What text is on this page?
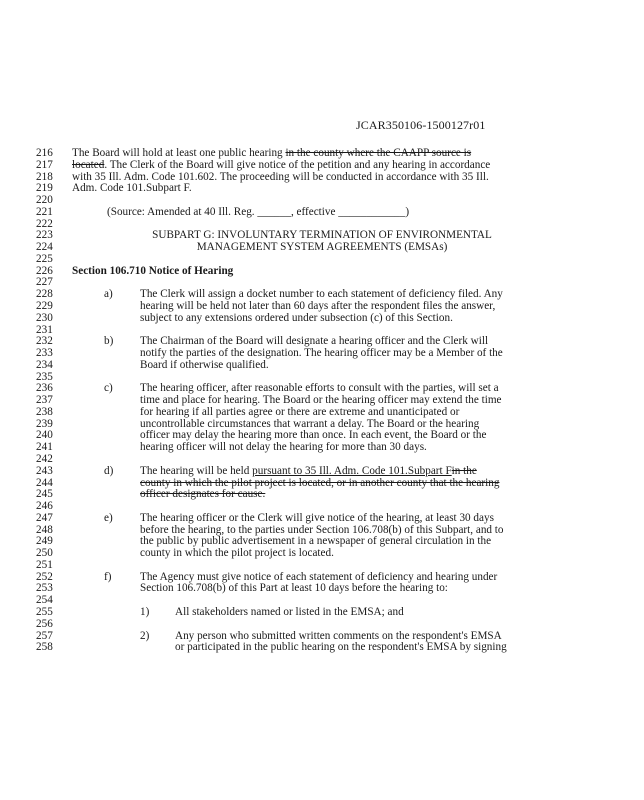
JCAR350106-1500127r01
216	The Board will hold at least one public hearing in the county where the CAAPP source is
217	located. The Clerk of the Board will give notice of the petition and any hearing in accordance
218	with 35 Ill. Adm. Code 101.602. The proceeding will be conducted in accordance with 35 Ill.
219	Adm. Code 101.Subpart F.
220
221	(Source: Amended at 40 Ill. Reg. ______, effective ____________)
222
223	SUBPART G: INVOLUNTARY TERMINATION OF ENVIRONMENTAL
224	MANAGEMENT SYSTEM AGREEMENTS (EMSAs)
225
226	Section 106.710 Notice of Hearing
227
228	a) The Clerk will assign a docket number to each statement of deficiency filed. Any
229	hearing will be held not later than 60 days after the respondent files the answer,
230	subject to any extensions ordered under subsection (c) of this Section.
231
232	b) The Chairman of the Board will designate a hearing officer and the Clerk will
233	notify the parties of the designation. The hearing officer may be a Member of the
234	Board if otherwise qualified.
235
236	c) The hearing officer, after reasonable efforts to consult with the parties, will set a
237	time and place for hearing. The Board or the hearing officer may extend the time
238	for hearing if all parties agree or there are extreme and unanticipated or
239	uncontrollable circumstances that warrant a delay. The Board or the hearing
240	officer may delay the hearing more than once. In each event, the Board or the
241	hearing officer will not delay the hearing for more than 30 days.
242
243	d) The hearing will be held pursuant to 35 Ill. Adm. Code 101.Subpart Fin the
244	county in which the pilot project is located, or in another county that the hearing
245	officer designates for cause.
246
247	e) The hearing officer or the Clerk will give notice of the hearing, at least 30 days
248	before the hearing, to the parties under Section 106.708(b) of this Subpart, and to
249	the public by public advertisement in a newspaper of general circulation in the
250	county in which the pilot project is located.
251
252	f)	The Agency must give notice of each statement of deficiency and hearing under
253	Section 106.708(b) of this Part at least 10 days before the hearing to:
254
255	1) All stakeholders named or listed in the EMSA; and
256
257	2) Any person who submitted written comments on the respondent's EMSA
258	or participated in the public hearing on the respondent's EMSA by signing
